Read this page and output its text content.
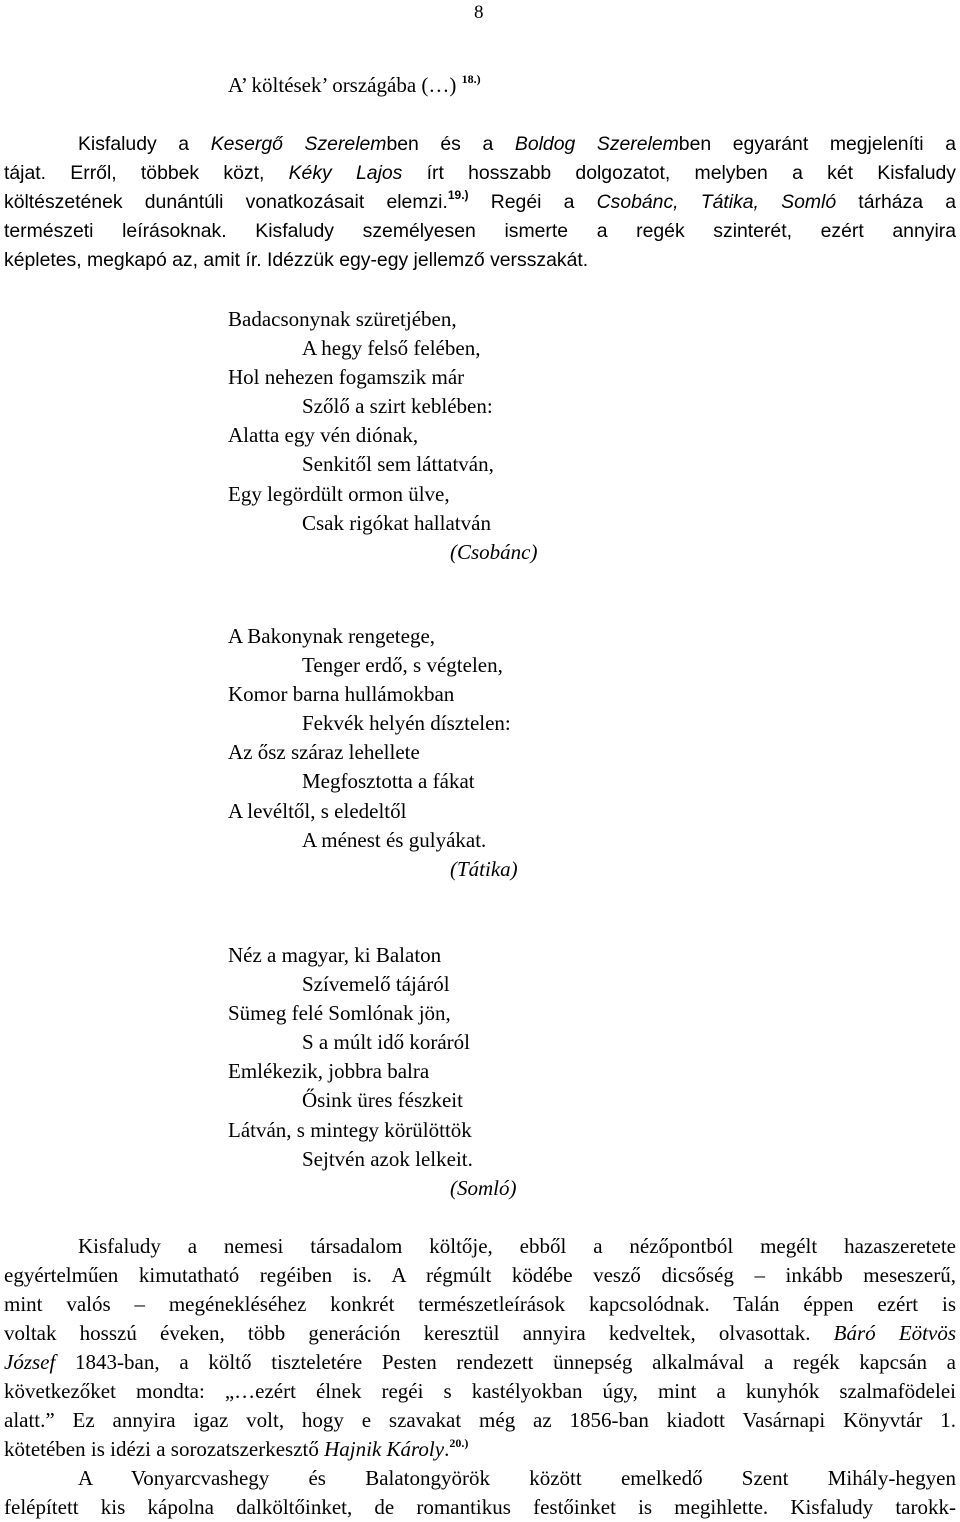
8
A’ költések’ országába (…) $^{18.)}$
Kisfaludy a Kesergő Szerelemben és a Boldog Szerelemben egyaránt megjeleníti a
tájat. Erről, többek közt, Kéky Lajos írt hosszabb dolgozatot, melyben a két Kisfaludy
költészetének dunántúli vonatkozásait elemzi.$^{19.)}$ Regéi a Csobánc, Tátika, Somló tárháza a
természeti leírásoknak. Kisfaludy személyesen ismerte a regék szinterét, ezért annyira
képletes, megkapó az, amit ír. Idézzük egy-egy jellemző versszakát.
Badacsonynak szüretjében,
A hegy felső felében,
Hol nehezen fogamszik már
Szőlő a szirt keblében:
Alatta egy vén diónak,
Senkitől sem láttatván,
Egy legördült ormon ülve,
Csak rigókat hallatván
(Csobánc)
A Bakonynak rengetege,
Tenger erdő, s végtelen,
Komor barna hullámokban
Fekvék helyén dísztelen:
Az ősz száraz lehellete
Megfosztotta a fákat
A levéltől, s eledeltől
A ménest és gulyákat.
(Tátika)
Néz a magyar, ki Balaton
Szívemelő tájáról
Sümeg felé Somlónak jön,
S a múlt idő koráról
Emlékezik, jobbra balra
Ősink üres fészkeit
Látván, s mintegy körülöttök
Sejtvén azok lelkeit.
(Somló)
Kisfaludy a nemesi társadalom költője, ebből a nézőpontból megélt hazaszeretete
egyértelműen kimutatható regéiben is. A régmúlt ködébe vesző dicsőség – inkább meseszerű,
mint valós – megénekléséhez konkrét természetleírások kapcsolódnak. Talán éppen ezért is
voltak hosszú éveken, több generáción keresztül annyira kedveltek, olvasottak. Báró Eötvös
József 1843-ban, a költő tiszteletére Pesten rendezett ünnepség alkalmával a regék kapcsán a
következőket mondta: „…ezért élnek regéi s kastélyokban úgy, mint a kunyhók szalmafödelei
alatt.” Ez annyira igaz volt, hogy e szavakat még az 1856-ban kiadott Vasárnapi Könyvtár 1.
kötetében is idézi a sorozatszerkesztő Hajnik Károly.$^{20.)}$
A Vonyarcvashegy és Balatongyörök között emelkedő Szent Mihály-hegyen
felépített kis kápolna dalköltőinket, de romantikus festőinket is megihlette. Kisfaludy tarokk-
